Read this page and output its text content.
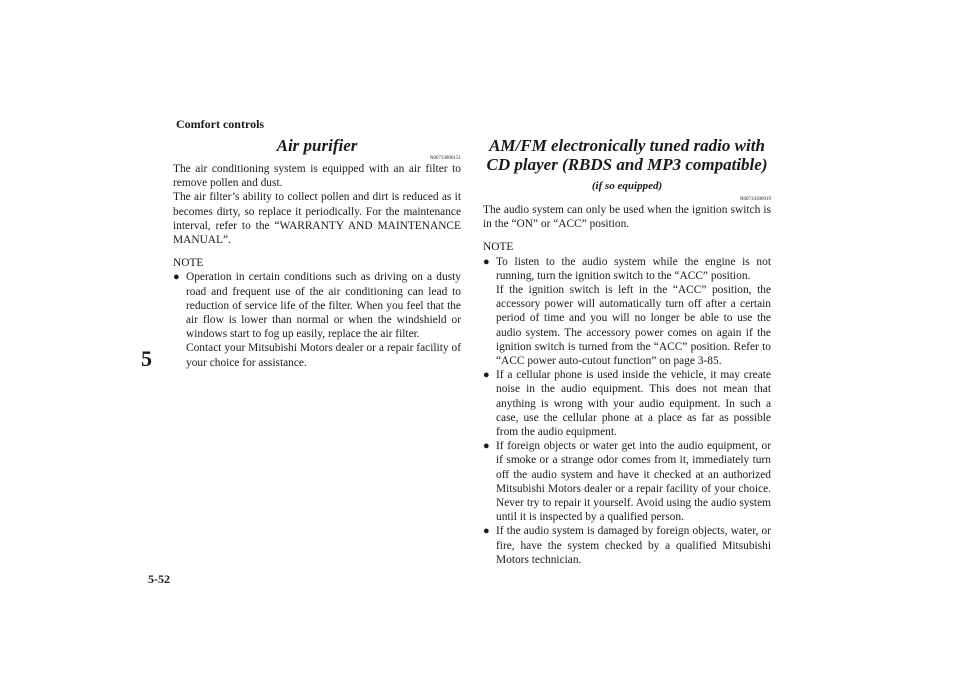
Comfort controls
5
5-52
Air purifier

N00733800151

The air conditioning system is equipped with an air filter to remove pollen and dust.

The air filter’s ability to collect pollen and dirt is reduced as it becomes dirty, so replace it periodically. For the maintenance interval, refer to the “WARRANTY AND MAINTENANCE MANUAL”.

NOTE
● Operation in certain conditions such as driving on a dusty road and frequent use of the air conditioning can lead to reduction of service life of the filter. When you feel that the air flow is lower than normal or when the windshield or windows start to fog up easily, replace the air filter.

Contact your Mitsubishi Motors dealer or a repair facility of your choice for assistance.

AM/FM electronically tuned radio with CD player (RBDS and MP3 compatible) (if so equipped)

N00734300919

The audio system can only be used when the ignition switch is in the “ON” or “ACC” position.

NOTE
● To listen to the audio system while the engine is not running, turn the ignition switch to the “ACC” position.

If the ignition switch is left in the “ACC” position, the accessory power will automatically turn off after a certain period of time and you will no longer be able to use the audio system. The accessory power comes on again if the ignition switch is turned from the “ACC” position. Refer to “ACC power auto-cutout function” on page 3-85.

● If a cellular phone is used inside the vehicle, it may create noise in the audio equipment. This does not mean that anything is wrong with your audio equipment. In such a case, use the cellular phone at a place as far as possible from the audio equipment.

● If foreign objects or water get into the audio equipment, or if smoke or a strange odor comes from it, immediately turn off the audio system and have it checked at an authorized Mitsubishi Motors dealer or a repair facility of your choice. Never try to repair it yourself. Avoid using the audio system until it is inspected by a qualified person.

● If the audio system is damaged by foreign objects, water, or fire, have the system checked by a qualified Mitsubishi Motors technician.
